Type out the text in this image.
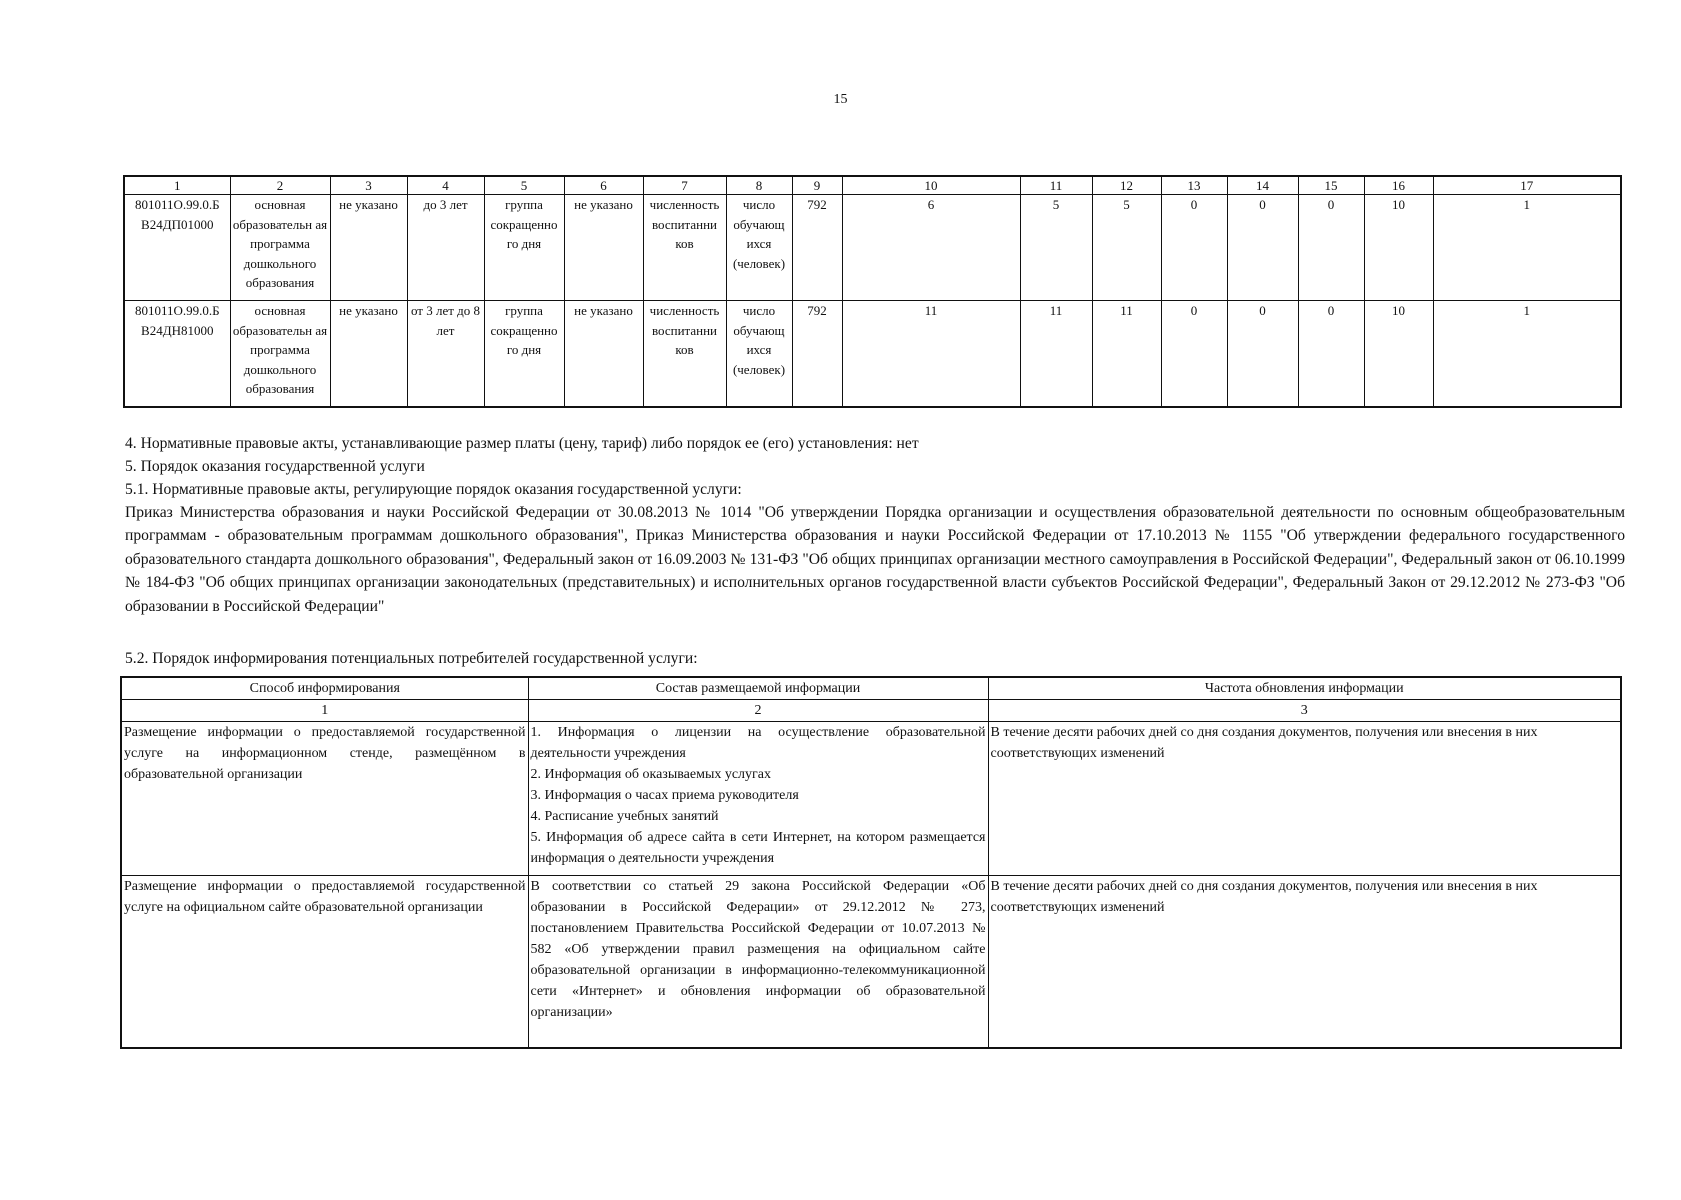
15
1	2	3	4	5	6	7	8	9	10	11	12	13	14	15	16	17
801011О.99.0.Б В24ДП01000	основная образовательн ая программа дошкольного образования	не указано	до 3 лет	группа сокращенно го дня	не указано	численность воспитанни ков	число обучающ ихся (человек)	792	6	5	5	0	0	0	10	1
801011О.99.0.Б В24ДН81000	основная образовательн ая программа дошкольного образования	не указано	от 3 лет до 8 лет	группа сокращенно го дня	не указано	численность воспитанни ков	число обучающ ихся (человек)	792	11	11	11	0	0	0	10	1
4. Нормативные правовые акты, устанавливающие размер платы (цену, тариф) либо порядок ее (его) установления: нет
5. Порядок оказания государственной услуги
5.1. Нормативные правовые акты, регулирующие порядок оказания государственной услуги:
Приказ Министерства образования и науки Российской Федерации от 30.08.2013 № 1014 "Об утверждении Порядка организации и осуществления образовательной деятельности по основным общеобразовательным программам - образовательным программам дошкольного образования", Приказ Министерства образования и науки Российской Федерации от 17.10.2013 № 1155 "Об утверждении федерального государственного образовательного стандарта дошкольного образования", Федеральный закон от 16.09.2003 № 131-ФЗ "Об общих принципах организации местного самоуправления в Российской Федерации", Федеральный закон от 06.10.1999 № 184-ФЗ "Об общих принципах организации законодательных (представительных) и исполнительных органов государственной власти субъектов Российской Федерации", Федеральный Закон от 29.12.2012 № 273-ФЗ "Об образовании в Российской Федерации"
5.2. Порядок информирования потенциальных потребителей государственной услуги:
Способ информирования	Состав размещаемой информации	Частота обновления информации
1	2	3
Размещение информации о предоставляемой государственной услуге на информационном стенде, размещённом в образовательной организации	1. Информация о лицензии на осуществление образовательной деятельности учреждения
2. Информация об оказываемых услугах
3. Информация о часах приема руководителя
4. Расписание учебных занятий
5. Информация об адресе сайта в сети Интернет, на котором размещается информация о деятельности учреждения	В течение десяти рабочих дней со дня создания документов, получения или внесения в них соответствующих изменений
Размещение информации о предоставляемой государственной услуге на официальном сайте образовательной организации	В соответствии со статьей 29 закона Российской Федерации «Об образовании в Российской Федерации» от 29.12.2012 № 273, постановлением Правительства Российской Федерации от 10.07.2013 № 582 «Об утверждении правил размещения на официальном сайте образовательной организации в информационно-телекоммуникационной сети «Интернет» и обновления информации об образовательной организации»	В течение десяти рабочих дней со дня создания документов, получения или внесения в них соответствующих изменений
